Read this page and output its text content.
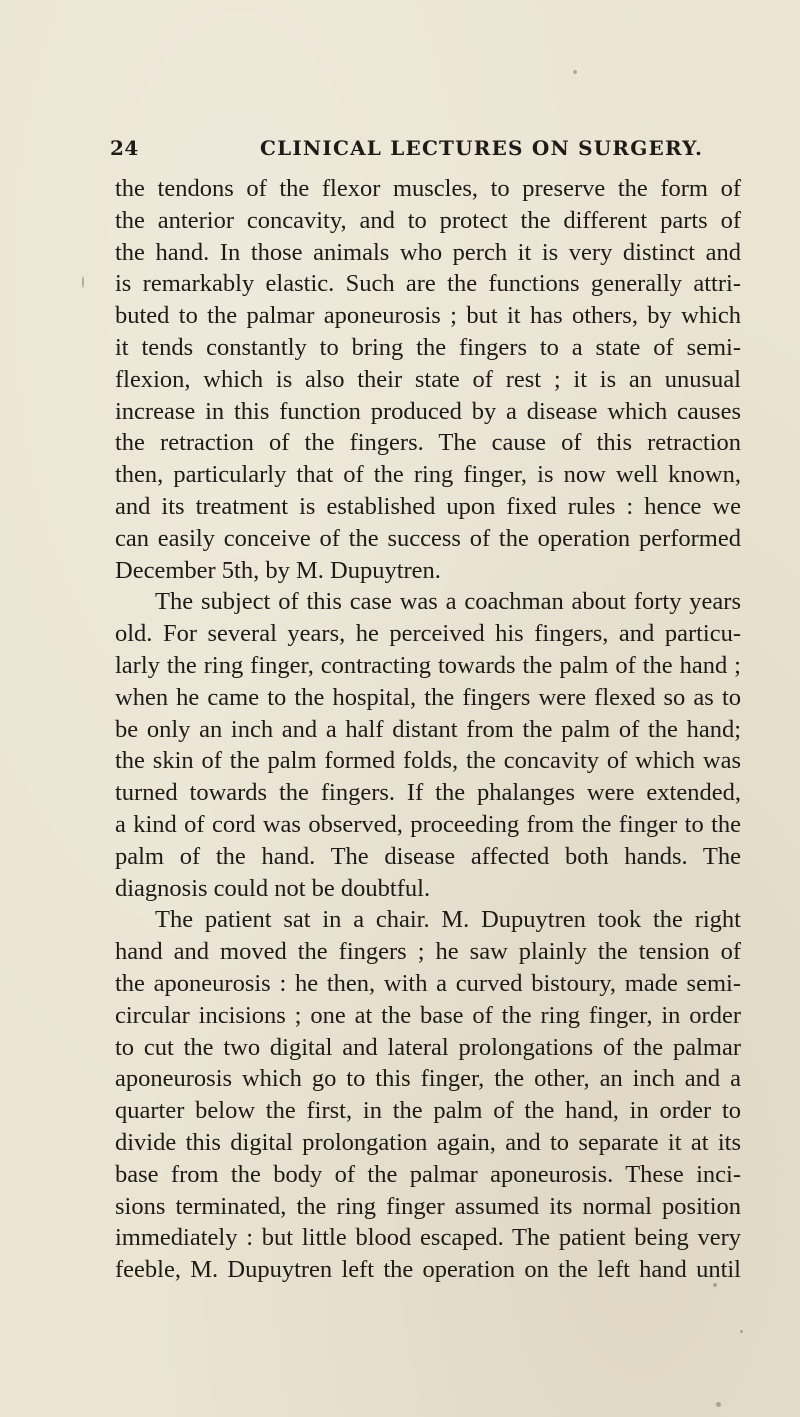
24	CLINICAL LECTURES ON SURGERY.
the tendons of the flexor muscles, to preserve the form of
the anterior concavity, and to protect the different parts of
the hand. In those animals who perch it is very distinct and
is remarkably elastic. Such are the functions generally attri-
buted to the palmar aponeurosis ; but it has others, by which
it tends constantly to bring the fingers to a state of semi-
flexion, which is also their state of rest ; it is an unusual
increase in this function produced by a disease which causes
the retraction of the fingers. The cause of this retraction
then, particularly that of the ring finger, is now well known,
and its treatment is established upon fixed rules : hence we
can easily conceive of the success of the operation performed
December 5th, by M. Dupuytren.
The subject of this case was a coachman about forty years
old. For several years, he perceived his fingers, and particu-
larly the ring finger, contracting towards the palm of the hand ;
when he came to the hospital, the fingers were flexed so as to
be only an inch and a half distant from the palm of the hand;
the skin of the palm formed folds, the concavity of which was
turned towards the fingers. If the phalanges were extended,
a kind of cord was observed, proceeding from the finger to the
palm of the hand. The disease affected both hands. The
diagnosis could not be doubtful.
The patient sat in a chair. M. Dupuytren took the right
hand and moved the fingers ; he saw plainly the tension of
the aponeurosis : he then, with a curved bistoury, made semi-
circular incisions ; one at the base of the ring finger, in order
to cut the two digital and lateral prolongations of the palmar
aponeurosis which go to this finger, the other, an inch and a
quarter below the first, in the palm of the hand, in order to
divide this digital prolongation again, and to separate it at its
base from the body of the palmar aponeurosis. These inci-
sions terminated, the ring finger assumed its normal position
immediately : but little blood escaped. The patient being very
feeble, M. Dupuytren left the operation on the left hand until
